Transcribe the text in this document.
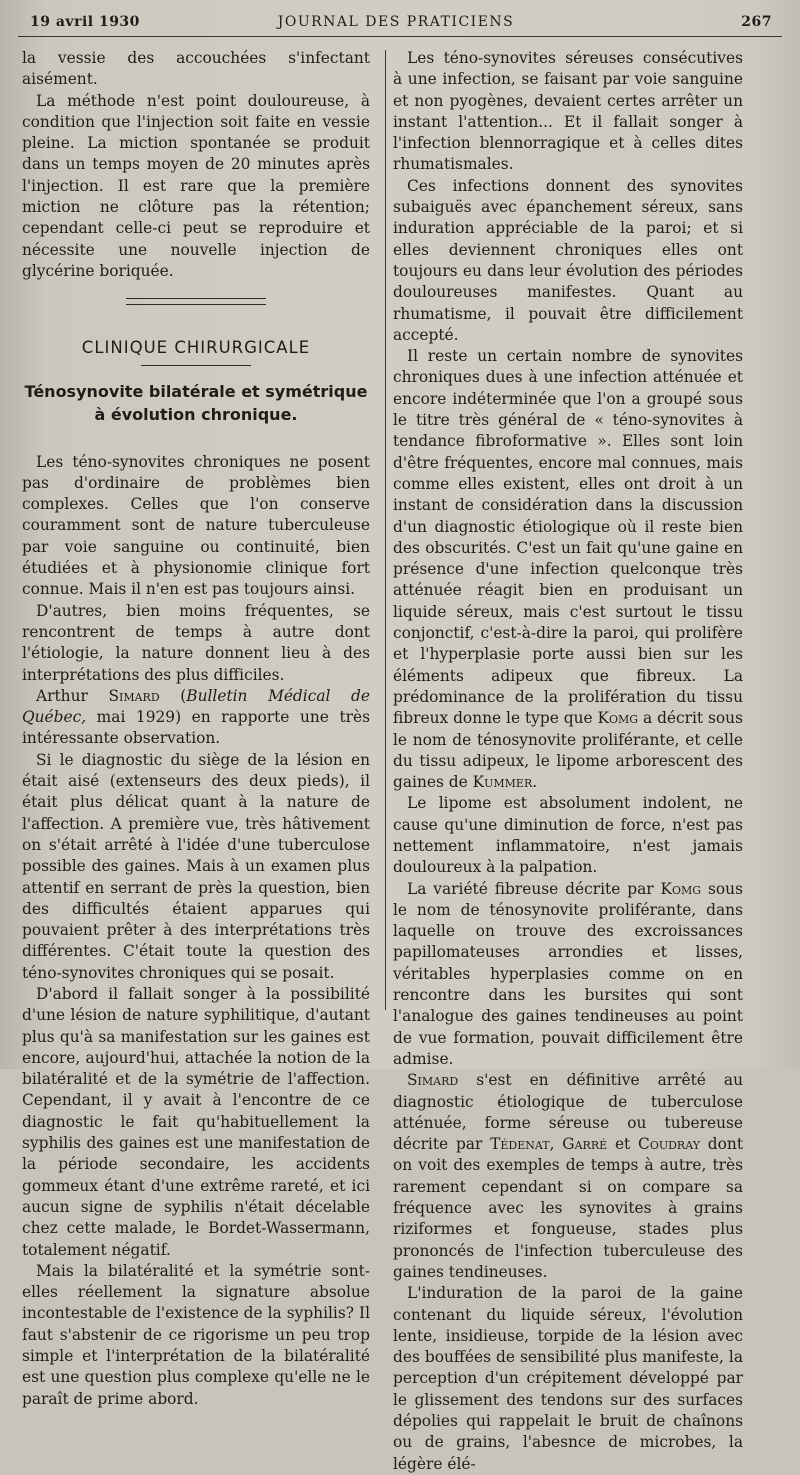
19 avril 1930	JOURNAL DES PRATICIENS	267

la vessie des accouchées s'infectant aisément.

La méthode n'est point douloureuse, à condition que l'injection soit faite en vessie pleine. La miction spontanée se produit dans un temps moyen de 20 minutes après l'injection. Il est rare que la première miction ne clôture pas la rétention; cependant celle-ci peut se reproduire et nécessite une nouvelle injection de glycérine boriquée.

CLINIQUE CHIRURGICALE
Ténosynovite bilatérale et symétrique
à évolution chronique.

Les téno-synovites chroniques ne posent pas d'ordinaire de problèmes bien complexes. Celles que l'on conserve couramment sont de nature tuberculeuse par voie sanguine ou continuité, bien étudiées et à physionomie clinique fort connue. Mais il n'en est pas toujours ainsi.

D'autres, bien moins fréquentes, se rencontrent de temps à autre dont l'étiologie, la nature donnent lieu à des interprétations des plus difficiles.

Arthur Simard (Bulletin Médical de Québec, mai 1929) en rapporte une très intéressante observation.

Si le diagnostic du siège de la lésion en était aisé (extenseurs des deux pieds), il était plus délicat quant à la nature de l'affection. A première vue, très hâtivement on s'était arrêté à l'idée d'une tuberculose possible des gaines. Mais à un examen plus attentif en serrant de près la question, bien des difficultés étaient apparues qui pouvaient prêter à des interprétations très différentes. C'était toute la question des téno-synovites chroniques qui se posait.

D'abord il fallait songer à la possibilité d'une lésion de nature syphilitique, d'autant plus qu'à sa manifestation sur les gaines est encore, aujourd'hui, attachée la notion de la bilatéralité et de la symétrie de l'affection. Cependant, il y avait à l'encontre de ce diagnostic le fait qu'habituellement la syphilis des gaines est une manifestation de la période secondaire, les accidents gommeux étant d'une extrême rareté, et ici aucun signe de syphilis n'était décelable chez cette malade, le Bordet-Wassermann, totalement négatif.

Mais la bilatéralité et la symétrie sont-elles réellement la signature absolue incontestable de l'existence de la syphilis? Il faut s'abstenir de ce rigorisme un peu trop simple et l'interprétation de la bilatéralité est une question plus complexe qu'elle ne le paraît de prime abord.

Les téno-synovites séreuses consécutives à une infection, se faisant par voie sanguine et non pyogènes, devaient certes arrêter un instant l'attention... Et il fallait songer à l'infection blennorragique et à celles dites rhumatismales.

Ces infections donnent des synovites subaiguës avec épanchement séreux, sans induration appréciable de la paroi; et si elles deviennent chroniques elles ont toujours eu dans leur évolution des périodes douloureuses manifestes. Quant au rhumatisme, il pouvait être difficilement accepté.

Il reste un certain nombre de synovites chroniques dues à une infection atténuée et encore indéterminée que l'on a groupé sous le titre très général de « téno-synovites à tendance fibroformative ». Elles sont loin d'être fréquentes, encore mal connues, mais comme elles existent, elles ont droit à un instant de considération dans la discussion d'un diagnostic étiologique où il reste bien des obscurités. C'est un fait qu'une gaine en présence d'une infection quelconque très atténuée réagit bien en produisant un liquide séreux, mais c'est surtout le tissu conjonctif, c'est-à-dire la paroi, qui prolifère et l'hyperplasie porte aussi bien sur les éléments adipeux que fibreux. La prédominance de la prolifération du tissu fibreux donne le type que Komg a décrit sous le nom de ténosynovite proliférante, et celle du tissu adipeux, le lipome arborescent des gaines de Kummer.

Le lipome est absolument indolent, ne cause qu'une diminution de force, n'est pas nettement inflammatoire, n'est jamais douloureux à la palpation.

La variété fibreuse décrite par Komg sous le nom de ténosynovite proliférante, dans laquelle on trouve des excroissances papillomateuses arrondies et lisses, véritables hyperplasies comme on en rencontre dans les bursites qui sont l'analogue des gaines tendineuses au point de vue formation, pouvait difficilement être admise.

Simard s'est en définitive arrêté au diagnostic étiologique de tuberculose atténuée, forme séreuse ou tubereuse décrite par Tédenat, Garré et Coudray dont on voit des exemples de temps à autre, très rarement cependant si on compare sa fréquence avec les synovites à grains riziformes et fongueuse, stades plus prononcés de l'infection tuberculeuse des gaines tendineuses.

L'induration de la paroi de la gaine contenant du liquide séreux, l'évolution lente, insidieuse, torpide de la lésion avec des bouffées de sensibilité plus manifeste, la perception d'un crépitement développé par le glissement des tendons sur des surfaces dépolies qui rappelait le bruit de chaînons ou de grains, l'abesnce de microbes, la légère élé-
